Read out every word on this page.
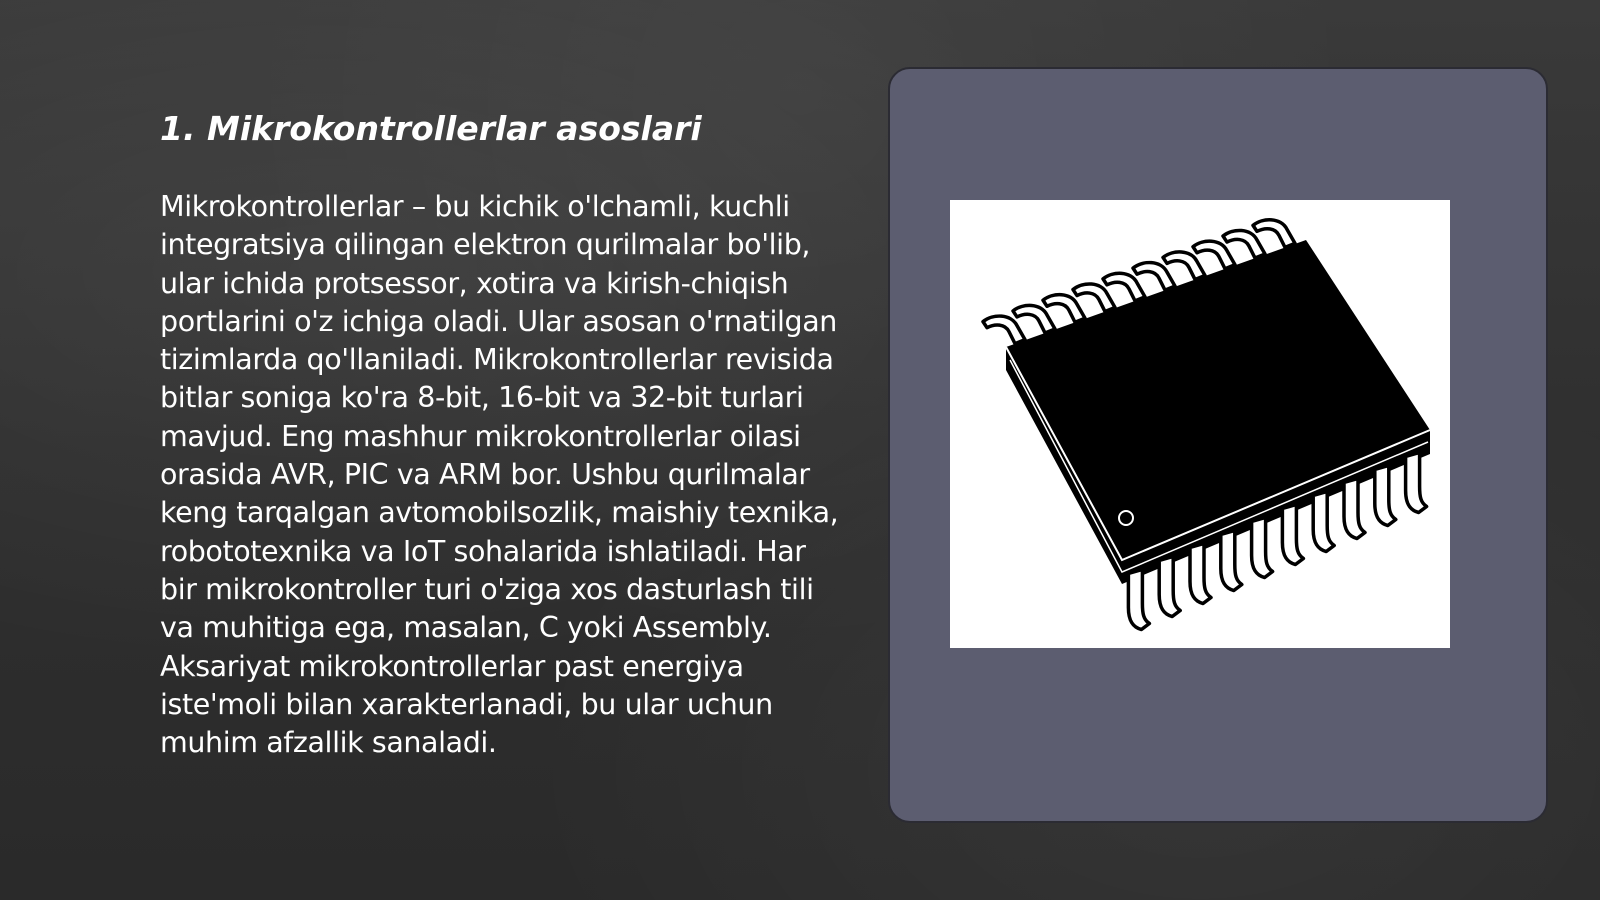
1. Mikrokontrollerlar asoslari

Mikrokontrollerlar – bu kichik o'lchamli, kuchli integratsiya qilingan elektron qurilmalar bo'lib, ular ichida protsessor, xotira va kirish-chiqish portlarini o'z ichiga oladi. Ular asosan o'rnatilgan tizimlarda qo'llaniladi. Mikrokontrollerlar revisida bitlar soniga ko'ra 8-bit, 16-bit va 32-bit turlari mavjud. Eng mashhur mikrokontrollerlar oilasi orasida AVR, PIC va ARM bor. Ushbu qurilmalar keng tarqalgan avtomobilsozlik, maishiy texnika, robototexnika va IoT sohalarida ishlatiladi. Har bir mikrokontroller turi o'ziga xos dasturlash tili va muhitiga ega, masalan, C yoki Assembly. Aksariyat mikrokontrollerlar past energiya iste'moli bilan xarakterlanadi, bu ular uchun muhim afzallik sanaladi.
